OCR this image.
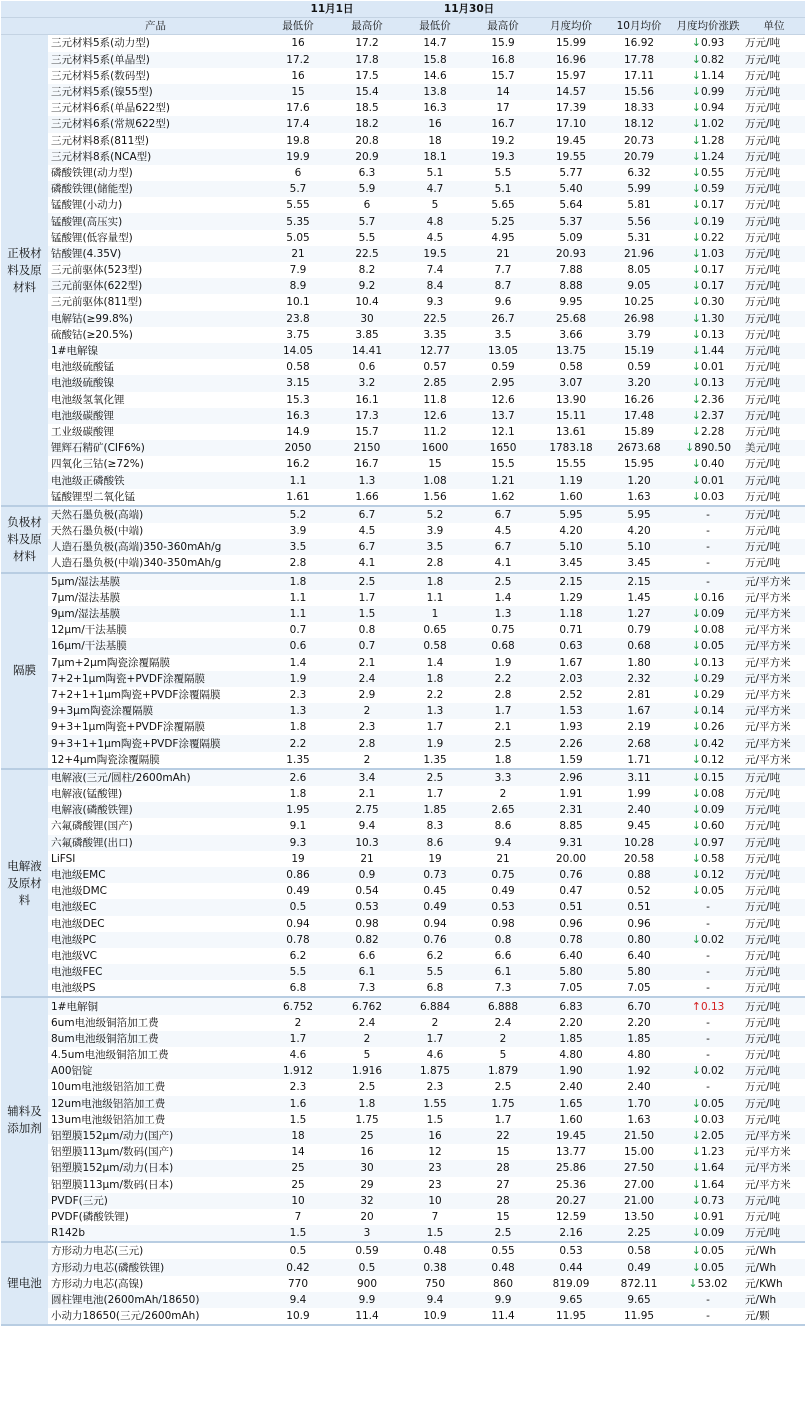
		11月1日		11月30日					
	产品	最低价	最高价	最低价	最高价	月度均价	10月均价	月度均价涨跌	单位
正极材料及原材料	三元材料5系(动力型)	16	17.2	14.7	15.9	15.99	16.92	↓0.93	万元/吨
	三元材料5系(单晶型)	17.2	17.8	15.8	16.8	16.96	17.78	↓0.82	万元/吨
	三元材料5系(数码型)	16	17.5	14.6	15.7	15.97	17.11	↓1.14	万元/吨
	三元材料5系(镍55型)	15	15.4	13.8	14	14.57	15.56	↓0.99	万元/吨
	三元材料6系(单晶622型)	17.6	18.5	16.3	17	17.39	18.33	↓0.94	万元/吨
	三元材料6系(常规622型)	17.4	18.2	16	16.7	17.10	18.12	↓1.02	万元/吨
	三元材料8系(811型)	19.8	20.8	18	19.2	19.45	20.73	↓1.28	万元/吨
	三元材料8系(NCA型)	19.9	20.9	18.1	19.3	19.55	20.79	↓1.24	万元/吨
	磷酸铁锂(动力型)	6	6.3	5.1	5.5	5.77	6.32	↓0.55	万元/吨
	磷酸铁锂(储能型)	5.7	5.9	4.7	5.1	5.40	5.99	↓0.59	万元/吨
	锰酸锂(小动力)	5.55	6	5	5.65	5.64	5.81	↓0.17	万元/吨
	锰酸锂(高压实)	5.35	5.7	4.8	5.25	5.37	5.56	↓0.19	万元/吨
	锰酸锂(低容量型)	5.05	5.5	4.5	4.95	5.09	5.31	↓0.22	万元/吨
	钴酸锂(4.35V)	21	22.5	19.5	21	20.93	21.96	↓1.03	万元/吨
	三元前驱体(523型)	7.9	8.2	7.4	7.7	7.88	8.05	↓0.17	万元/吨
	三元前驱体(622型)	8.9	9.2	8.4	8.7	8.88	9.05	↓0.17	万元/吨
	三元前驱体(811型)	10.1	10.4	9.3	9.6	9.95	10.25	↓0.30	万元/吨
	电解钴(≥99.8%)	23.8	30	22.5	26.7	25.68	26.98	↓1.30	万元/吨
	硫酸钴(≥20.5%)	3.75	3.85	3.35	3.5	3.66	3.79	↓0.13	万元/吨
	1#电解镍	14.05	14.41	12.77	13.05	13.75	15.19	↓1.44	万元/吨
	电池级硫酸锰	0.58	0.6	0.57	0.59	0.58	0.59	↓0.01	万元/吨
	电池级硫酸镍	3.15	3.2	2.85	2.95	3.07	3.20	↓0.13	万元/吨
	电池级氢氧化锂	15.3	16.1	11.8	12.6	13.90	16.26	↓2.36	万元/吨
	电池级碳酸锂	16.3	17.3	12.6	13.7	15.11	17.48	↓2.37	万元/吨
	工业级碳酸锂	14.9	15.7	11.2	12.1	13.61	15.89	↓2.28	万元/吨
	锂辉石精矿(CIF6%)	2050	2150	1600	1650	1783.18	2673.68	↓890.50	美元/吨
	四氧化三钴(≥72%)	16.2	16.7	15	15.5	15.55	15.95	↓0.40	万元/吨
	电池级正磷酸铁	1.1	1.3	1.08	1.21	1.19	1.20	↓0.01	万元/吨
	锰酸锂型二氧化锰	1.61	1.66	1.56	1.62	1.60	1.63	↓0.03	万元/吨
负极材料及原材料	天然石墨负极(高端)	5.2	6.7	5.2	6.7	5.95	5.95	-	万元/吨
	天然石墨负极(中端)	3.9	4.5	3.9	4.5	4.20	4.20	-	万元/吨
	人造石墨负极(高端)350-360mAh/g	3.5	6.7	3.5	6.7	5.10	5.10	-	万元/吨
	人造石墨负极(中端)340-350mAh/g	2.8	4.1	2.8	4.1	3.45	3.45	-	万元/吨
隔膜	5μm/湿法基膜	1.8	2.5	1.8	2.5	2.15	2.15	-	元/平方米
	7μm/湿法基膜	1.1	1.7	1.1	1.4	1.29	1.45	↓0.16	元/平方米
	9μm/湿法基膜	1.1	1.5	1	1.3	1.18	1.27	↓0.09	元/平方米
	12μm/干法基膜	0.7	0.8	0.65	0.75	0.71	0.79	↓0.08	元/平方米
	16μm/干法基膜	0.6	0.7	0.58	0.68	0.63	0.68	↓0.05	元/平方米
	7μm+2μm陶瓷涂覆隔膜	1.4	2.1	1.4	1.9	1.67	1.80	↓0.13	元/平方米
	7+2+1μm陶瓷+PVDF涂覆隔膜	1.9	2.4	1.8	2.2	2.03	2.32	↓0.29	元/平方米
	7+2+1+1μm陶瓷+PVDF涂覆隔膜	2.3	2.9	2.2	2.8	2.52	2.81	↓0.29	元/平方米
	9+3μm陶瓷涂覆隔膜	1.3	2	1.3	1.7	1.53	1.67	↓0.14	元/平方米
	9+3+1μm陶瓷+PVDF涂覆隔膜	1.8	2.3	1.7	2.1	1.93	2.19	↓0.26	元/平方米
	9+3+1+1μm陶瓷+PVDF涂覆隔膜	2.2	2.8	1.9	2.5	2.26	2.68	↓0.42	元/平方米
	12+4μm陶瓷涂覆隔膜	1.35	2	1.35	1.8	1.59	1.71	↓0.12	元/平方米
电解液及原材料	电解液(三元/圆柱/2600mAh)	2.6	3.4	2.5	3.3	2.96	3.11	↓0.15	万元/吨
	电解液(锰酸锂)	1.8	2.1	1.7	2	1.91	1.99	↓0.08	万元/吨
	电解液(磷酸铁锂)	1.95	2.75	1.85	2.65	2.31	2.40	↓0.09	万元/吨
	六氟磷酸锂(国产)	9.1	9.4	8.3	8.6	8.85	9.45	↓0.60	万元/吨
	六氟磷酸锂(出口)	9.3	10.3	8.6	9.4	9.31	10.28	↓0.97	万元/吨
	LiFSI	19	21	19	21	20.00	20.58	↓0.58	万元/吨
	电池级EMC	0.86	0.9	0.73	0.75	0.76	0.88	↓0.12	万元/吨
	电池级DMC	0.49	0.54	0.45	0.49	0.47	0.52	↓0.05	万元/吨
	电池级EC	0.5	0.53	0.49	0.53	0.51	0.51	-	万元/吨
	电池级DEC	0.94	0.98	0.94	0.98	0.96	0.96	-	万元/吨
	电池级PC	0.78	0.82	0.76	0.8	0.78	0.80	↓0.02	万元/吨
	电池级VC	6.2	6.6	6.2	6.6	6.40	6.40	-	万元/吨
	电池级FEC	5.5	6.1	5.5	6.1	5.80	5.80	-	万元/吨
	电池级PS	6.8	7.3	6.8	7.3	7.05	7.05	-	万元/吨
辅料及添加剂	1#电解铜	6.752	6.762	6.884	6.888	6.83	6.70	↑0.13	万元/吨
	6um电池级铜箔加工费	2	2.4	2	2.4	2.20	2.20	-	万元/吨
	8um电池级铜箔加工费	1.7	2	1.7	2	1.85	1.85	-	万元/吨
	4.5um电池级铜箔加工费	4.6	5	4.6	5	4.80	4.80	-	万元/吨
	A00铝锭	1.912	1.916	1.875	1.879	1.90	1.92	↓0.02	万元/吨
	10um电池级铝箔加工费	2.3	2.5	2.3	2.5	2.40	2.40	-	万元/吨
	12um电池级铝箔加工费	1.6	1.8	1.55	1.75	1.65	1.70	↓0.05	万元/吨
	13um电池级铝箔加工费	1.5	1.75	1.5	1.7	1.60	1.63	↓0.03	万元/吨
	铝塑膜152μm/动力(国产)	18	25	16	22	19.45	21.50	↓2.05	元/平方米
	铝塑膜113μm/数码(国产)	14	16	12	15	13.77	15.00	↓1.23	元/平方米
	铝塑膜152μm/动力(日本)	25	30	23	28	25.86	27.50	↓1.64	元/平方米
	铝塑膜113μm/数码(日本)	25	29	23	27	25.36	27.00	↓1.64	元/平方米
	PVDF(三元)	10	32	10	28	20.27	21.00	↓0.73	万元/吨
	PVDF(磷酸铁锂)	7	20	7	15	12.59	13.50	↓0.91	万元/吨
	R142b	1.5	3	1.5	2.5	2.16	2.25	↓0.09	万元/吨
锂电池	方形动力电芯(三元)	0.5	0.59	0.48	0.55	0.53	0.58	↓0.05	元/Wh
	方形动力电芯(磷酸铁锂)	0.42	0.5	0.38	0.48	0.44	0.49	↓0.05	元/Wh
	方形动力电芯(高镍)	770	900	750	860	819.09	872.11	↓53.02	元/KWh
	圆柱锂电池(2600mAh/18650)	9.4	9.9	9.4	9.9	9.65	9.65	-	元/Wh
	小动力18650(三元/2600mAh)	10.9	11.4	10.9	11.4	11.95	11.95	-	元/颗
